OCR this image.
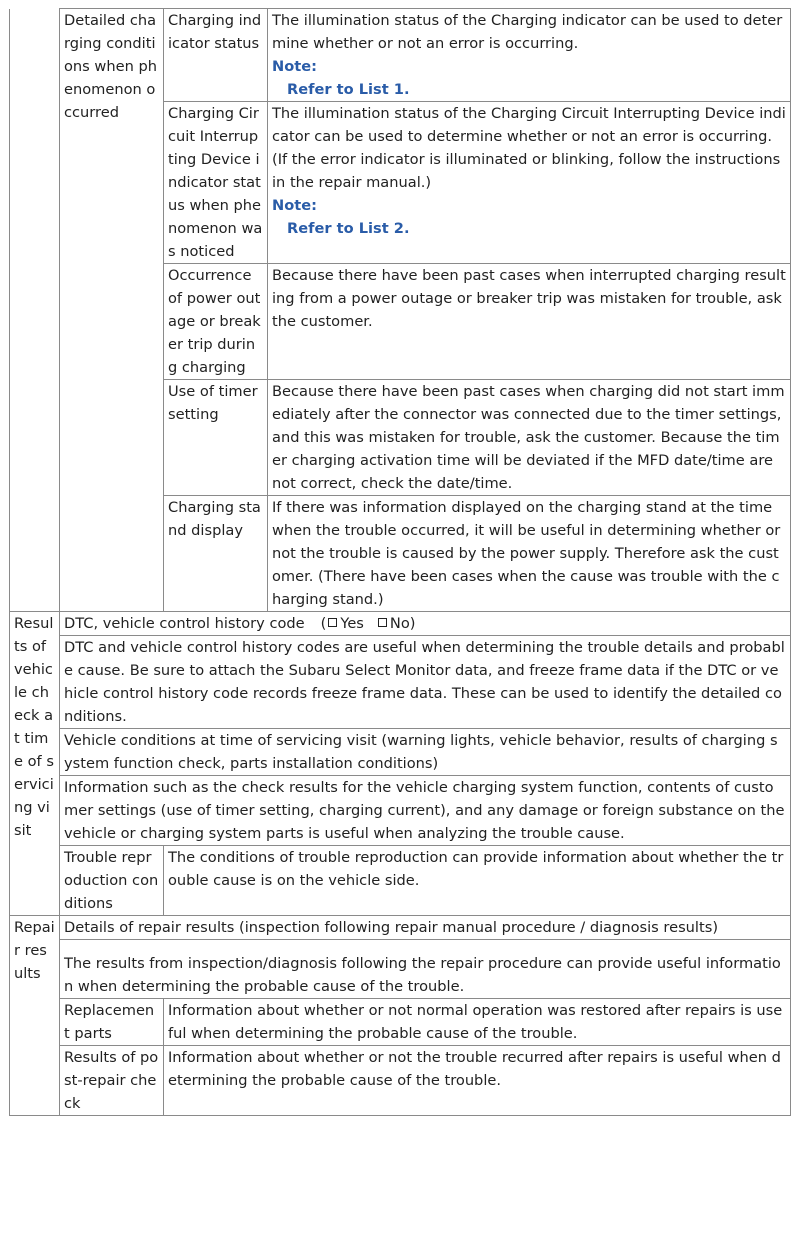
	Detailed charging conditions when phenomenon occurred	Charging indicator status	The illumination status of the Charging indicator can be used to determine whether or not an error is occurring.
Note:
Refer to List 1.

		Charging Circuit Interrupting Device indicator status when phenomenon was noticed	The illumination status of the Charging Circuit Interrupting Device indicator can be used to determine whether or not an error is occurring.
(If the error indicator is illuminated or blinking, follow the instructions in the repair manual.)
Note:
Refer to List 2.

		Occurrence of power outage or breaker trip during charging	Because there have been past cases when interrupted charging resulting from a power outage or breaker trip was mistaken for trouble, ask the customer.
		Use of timer setting	Because there have been past cases when charging did not start immediately after the connector was connected due to the timer settings, and this was mistaken for trouble, ask the customer. Because the timer charging activation time will be deviated if the MFD date/time are not correct, check the date/time.
		Charging stand display	If there was information displayed on the charging stand at the time when the trouble occurred, it will be useful in determining whether or not the trouble is caused by the power supply. Therefore ask the customer. (There have been cases when the cause was trouble with the charging stand.)
Results of vehicle check at time of servicing visit	DTC, vehicle control history code ( Yes No)		
	DTC and vehicle control history codes are useful when determining the trouble details and probable cause. Be sure to attach the Subaru Select Monitor data, and freeze frame data if the DTC or vehicle control history code records freeze frame data. These can be used to identify the detailed conditions.		
	Vehicle conditions at time of servicing visit (warning lights, vehicle behavior, results of charging system function check, parts installation conditions)		
	Information such as the check results for the vehicle charging system function, contents of customer settings (use of timer setting, charging current), and any damage or foreign substance on the vehicle or charging system parts is useful when analyzing the trouble cause.		
	Trouble reproduction conditions	The conditions of trouble reproduction can provide information about whether the trouble cause is on the vehicle side.	
Repair results	Details of repair results (inspection following repair manual procedure / diagnosis results)		
	The results from inspection/diagnosis following the repair procedure can provide useful information when determining the probable cause of the trouble.		
	Replacement parts	Information about whether or not normal operation was restored after repairs is useful when determining the probable cause of the trouble.	
	Results of post-repair check	Information about whether or not the trouble recurred after repairs is useful when determining the probable cause of the trouble.	
